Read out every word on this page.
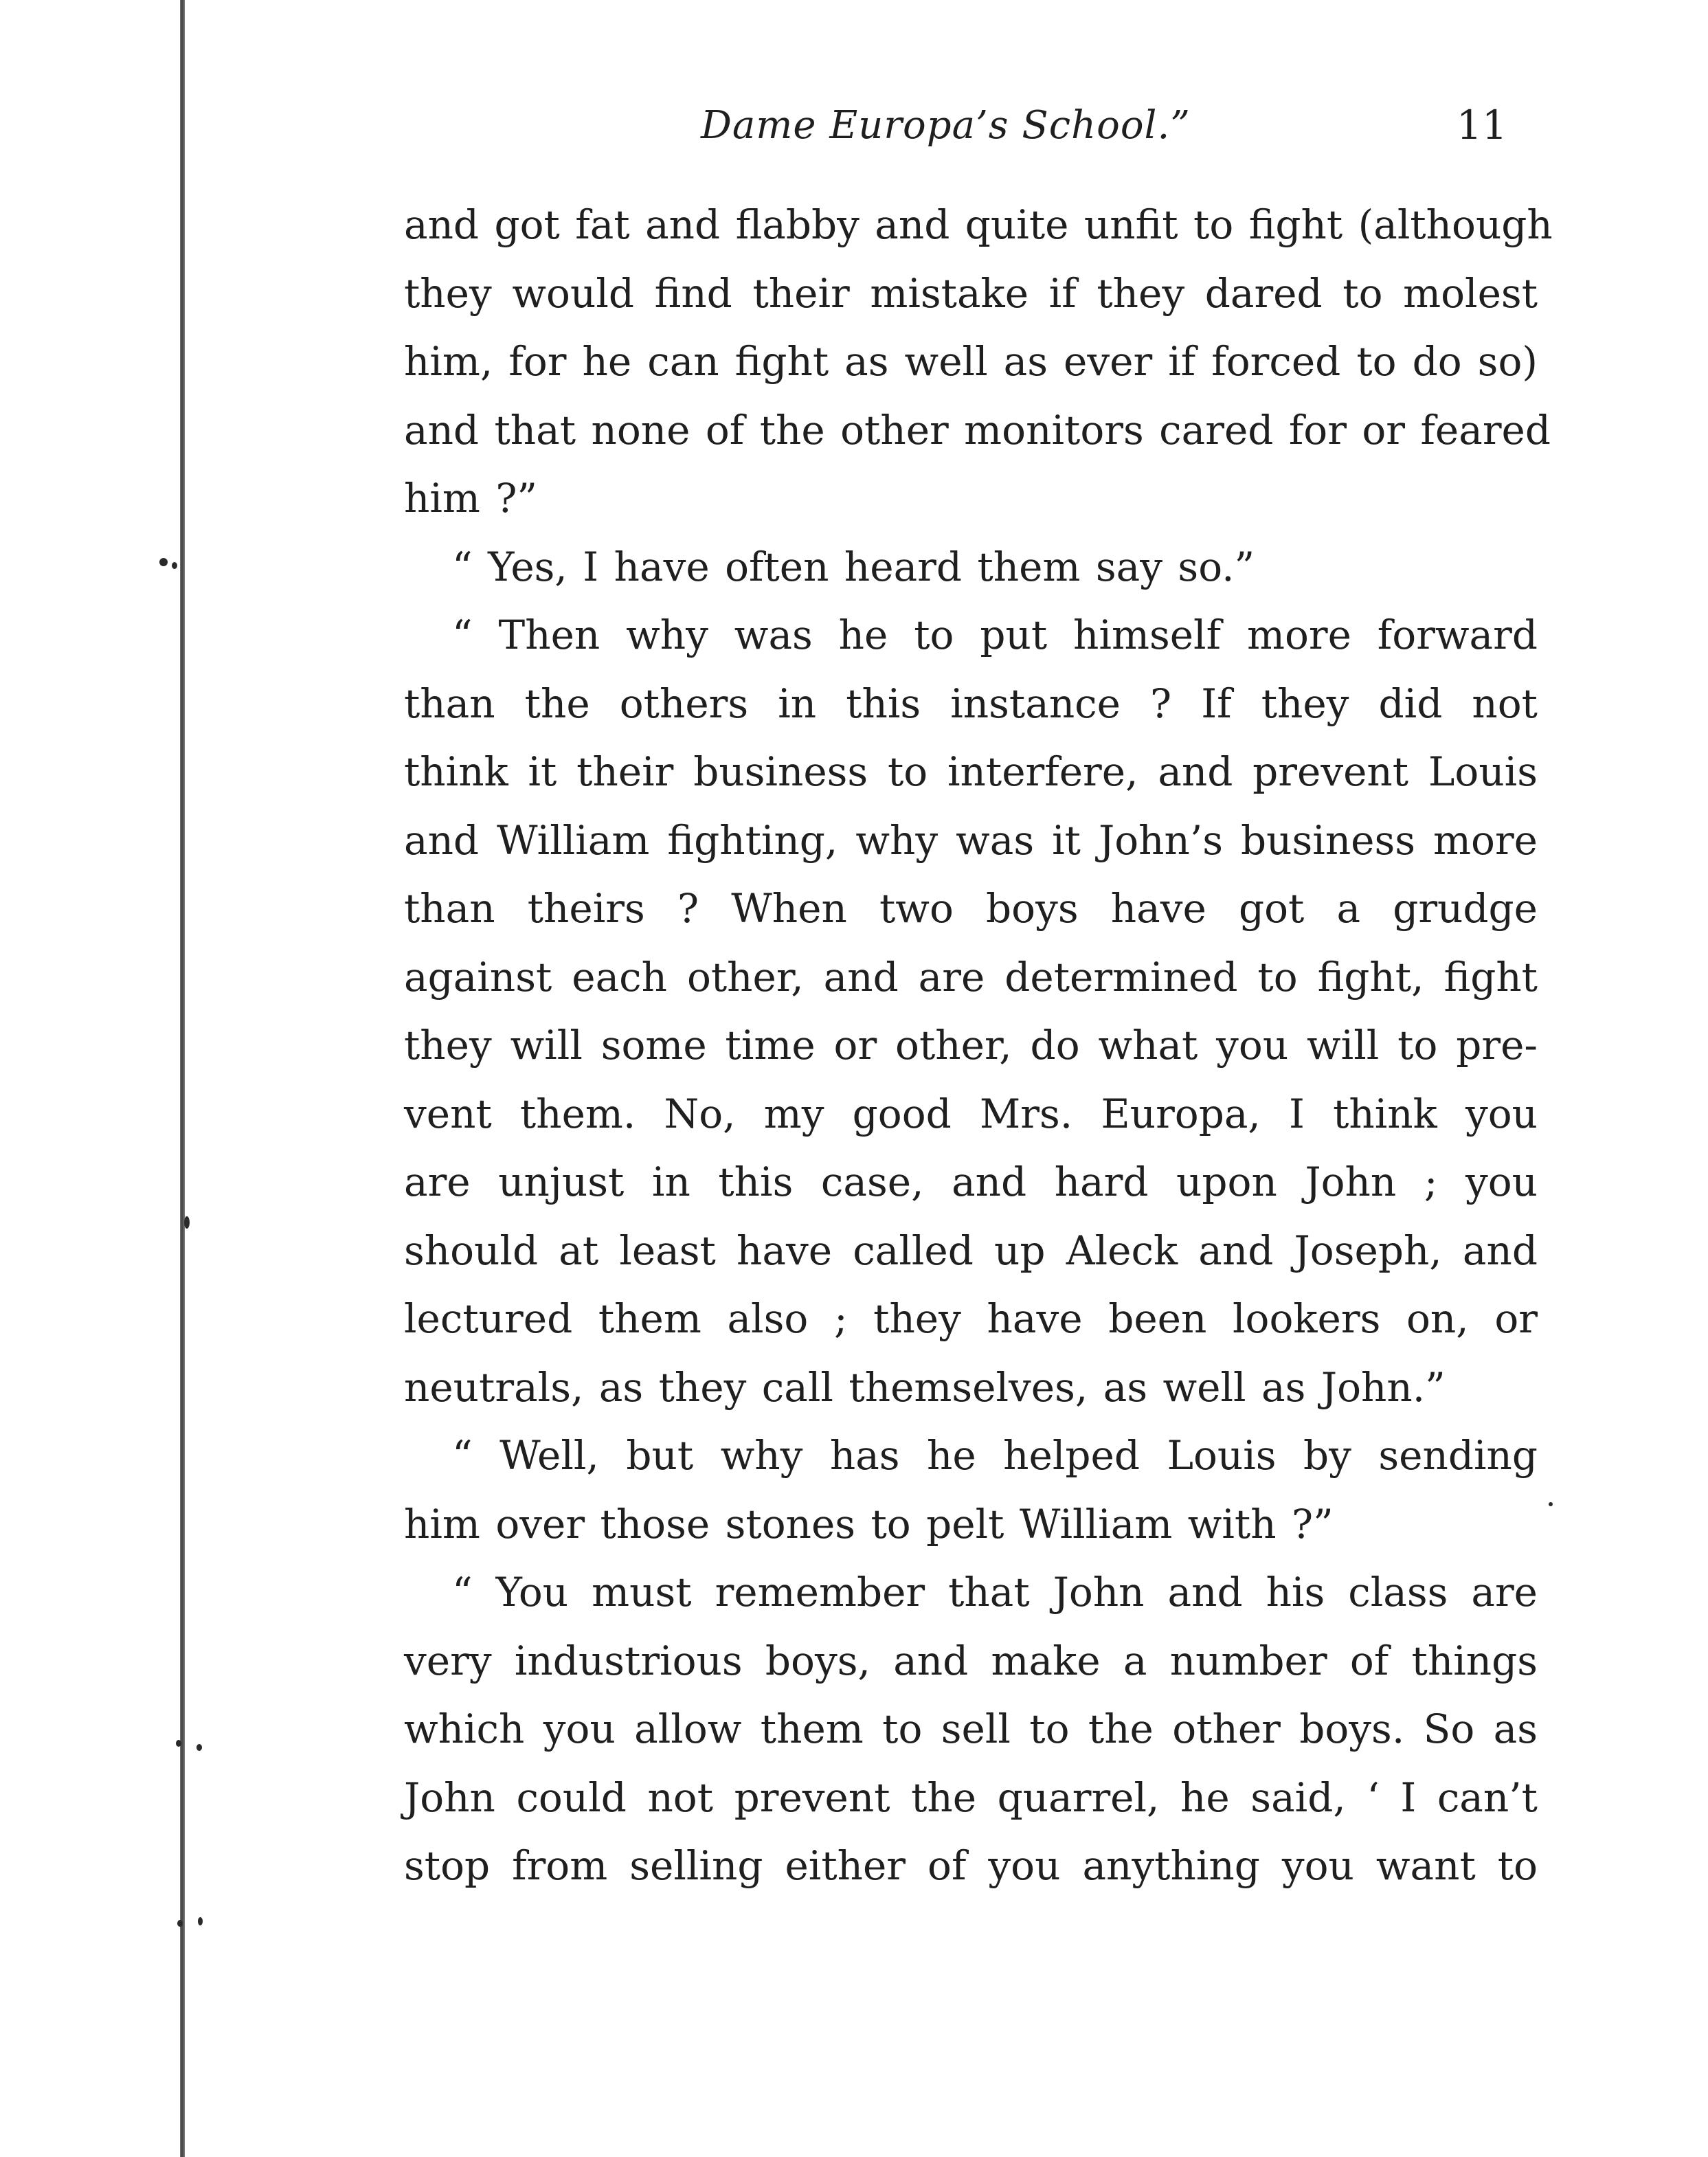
Dame Europa’s School.”	11
and got fat and flabby and quite unfit to fight (although
they would find their mistake if they dared to molest
him, for he can fight as well as ever if forced to do so)
and that none of the other monitors cared for or feared
him ?”
“ Yes, I have often heard them say so.”
“ Then why was he to put himself more forward
than the others in this instance ? If they did not
think it their business to interfere, and prevent Louis
and William fighting, why was it John’s business more
than theirs ? When two boys have got a grudge
against each other, and are determined to fight, fight
they will some time or other, do what you will to pre-
vent them. No, my good Mrs. Europa, I think you
are unjust in this case, and hard upon John ; you
should at least have called up Aleck and Joseph, and
lectured them also ; they have been lookers on, or
neutrals, as they call themselves, as well as John.”
“ Well, but why has he helped Louis by sending
him over those stones to pelt William with ?”
“ You must remember that John and his class are
very industrious boys, and make a number of things
which you allow them to sell to the other boys. So as
John could not prevent the quarrel, he said, ‘ I can’t
stop from selling either of you anything you want to
